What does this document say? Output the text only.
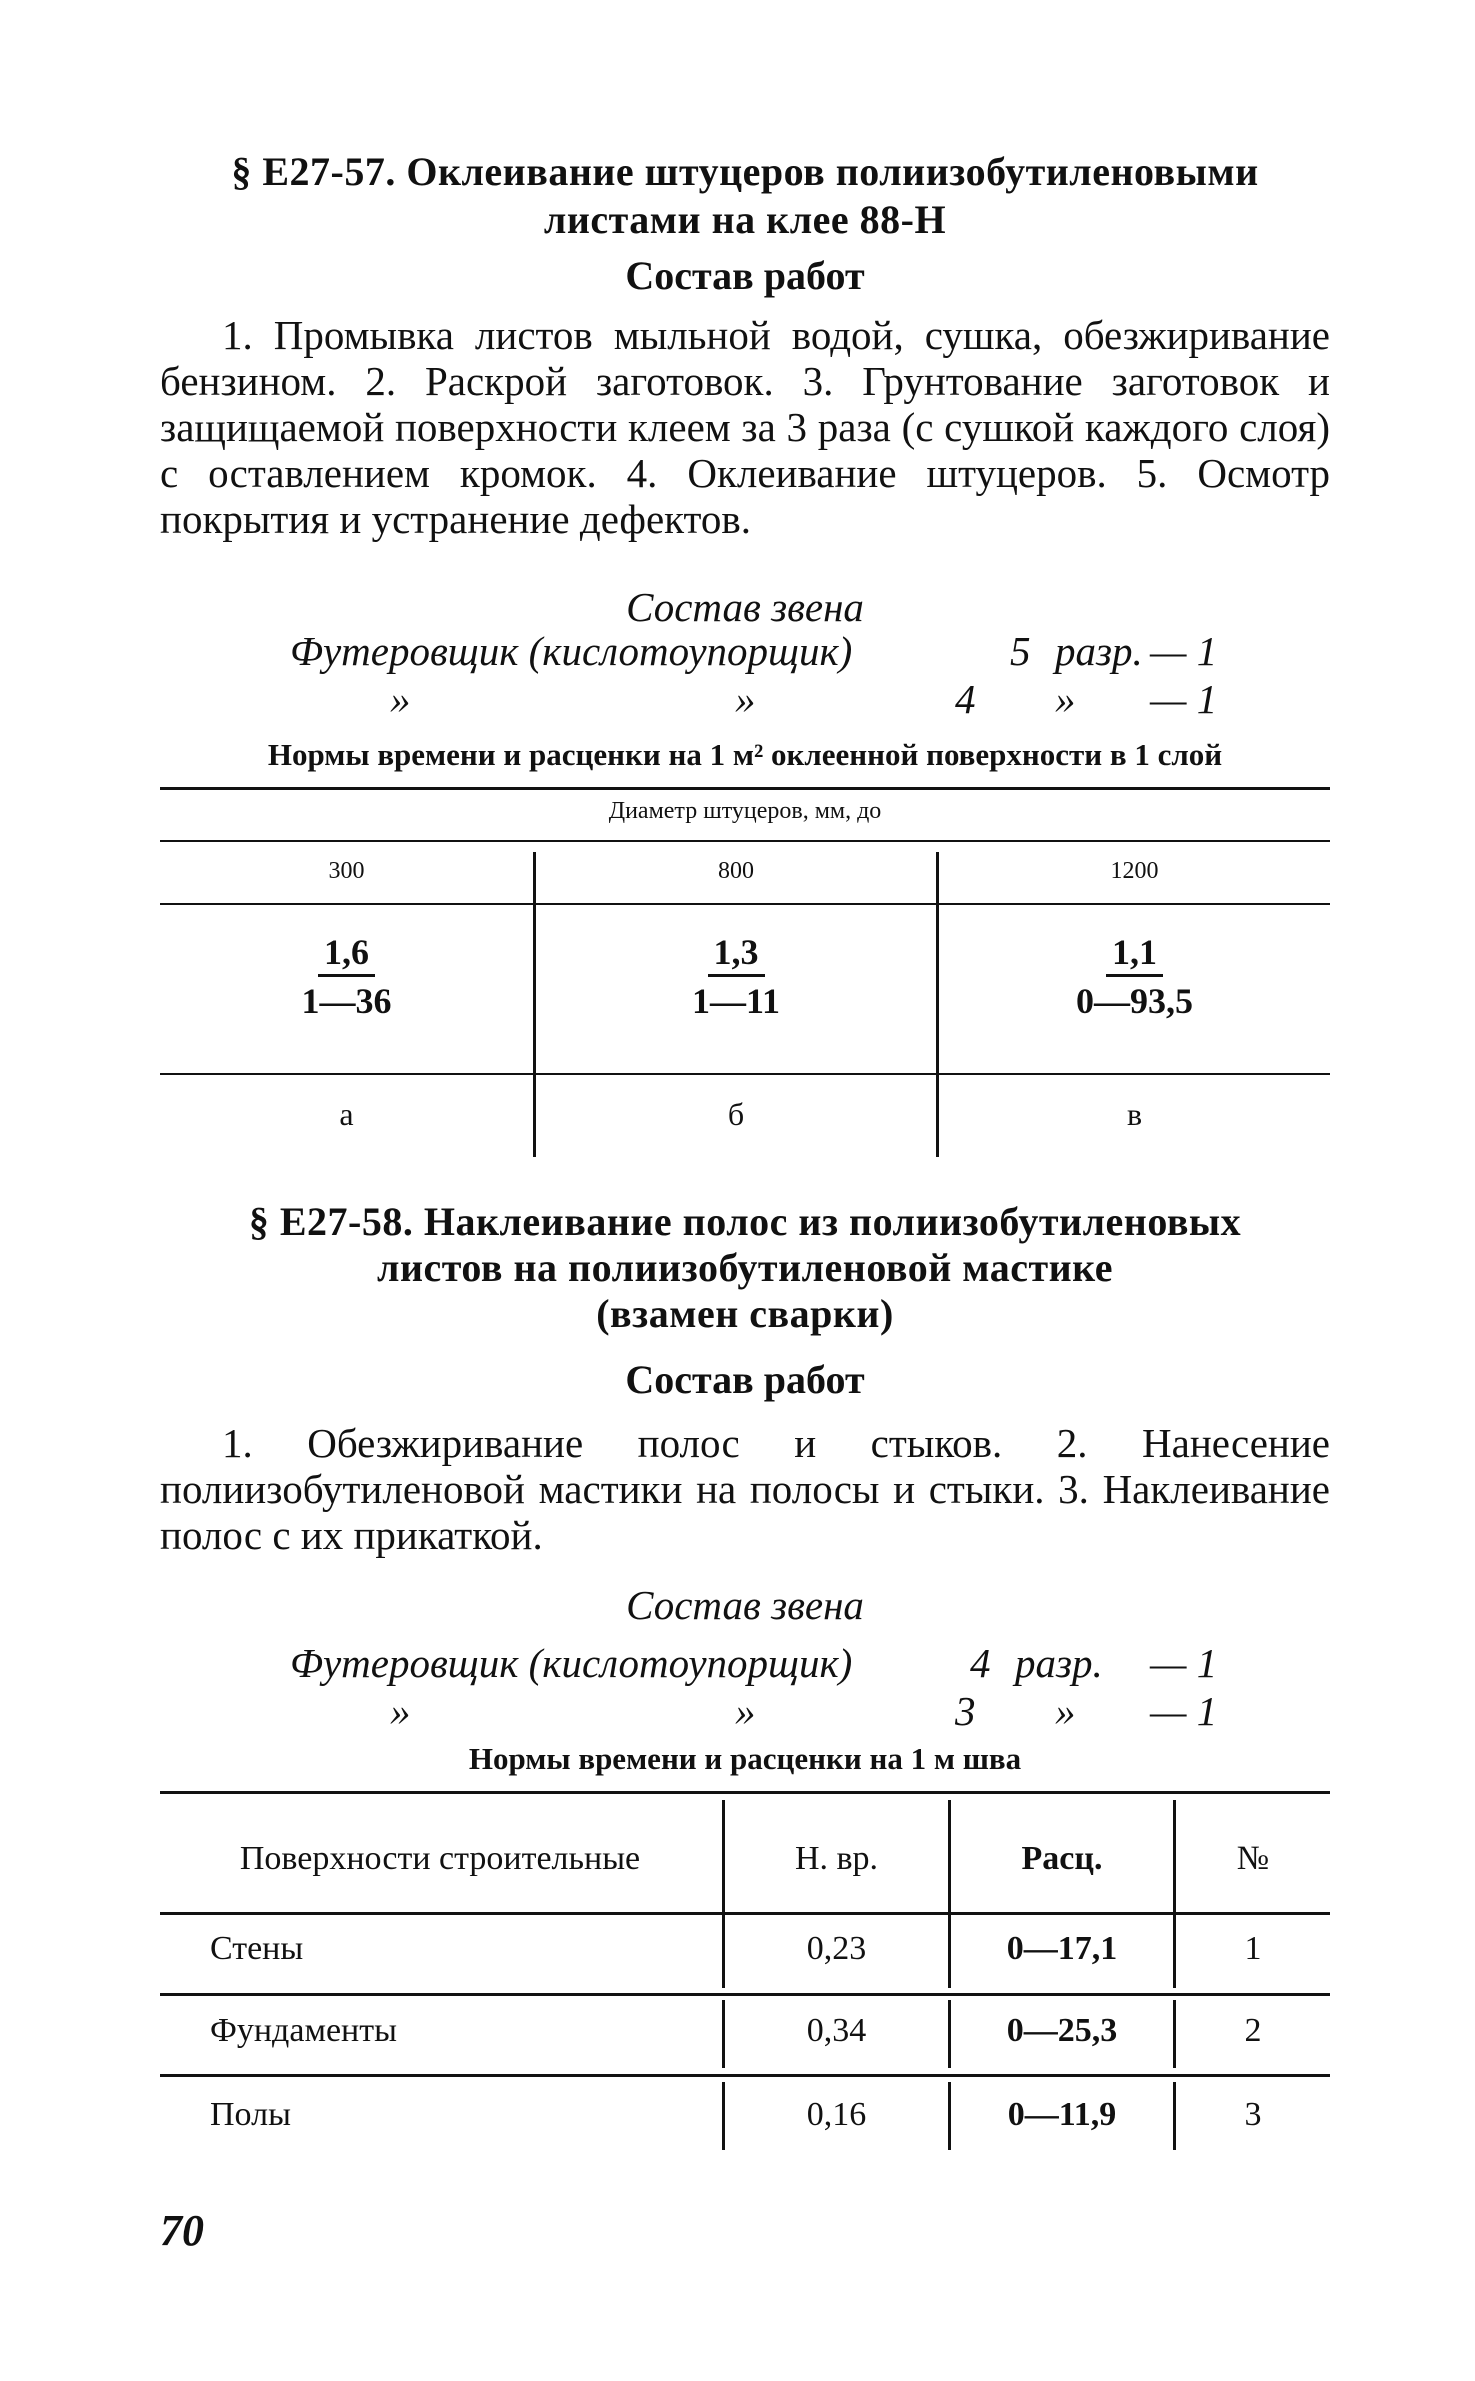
§ Е27-57. Оклеивание штуцеров полиизобутиленовыми
листами на клее 88-Н
Состав работ

1. Промывка листов мыльной водой, сушка, обезжиривание бензином. 2. Раскрой заготовок. 3. Грунтование заготовок и защищаемой поверхности клеем за 3 раза (с сушкой каждого слоя) с оставлением кромок. 4. Оклеивание штуцеров. 5. Осмотр покрытия и устранение дефектов.

Состав звена
Футеровщик (кислотоупорщик)	5 разр. — 1
»	»	4 » — 1
Нормы времени и расценки на 1 м² оклеенной поверхности в 1 слой
Диаметр штуцеров, мм, до
300	800	1200
$\frac{1,6}{1—36} \frac{1,3}{1—11} \frac{1,1}{0—93,5}$
а	б	в
§ Е27-58. Наклеивание полос из полиизобутиленовых
листов на полиизобутиленовой мастике
(взамен сварки)
Состав работ

1. Обезжиривание полос и стыков. 2. Нанесение полиизобутиленовой мастики на полосы и стыки. 3. Наклеивание полос с их прикаткой.

Состав звена
Футеровщик (кислотоупорщик)	4 разр. — 1
»	»	3 » — 1
Нормы времени и расценки на 1 м шва
Поверхности строительные	Н. вр.	Расц.	№
Стены	0,23	0—17,1	1
Фундаменты	0,34	0—25,3	2
Полы	0,16	0—11,9	3
70
